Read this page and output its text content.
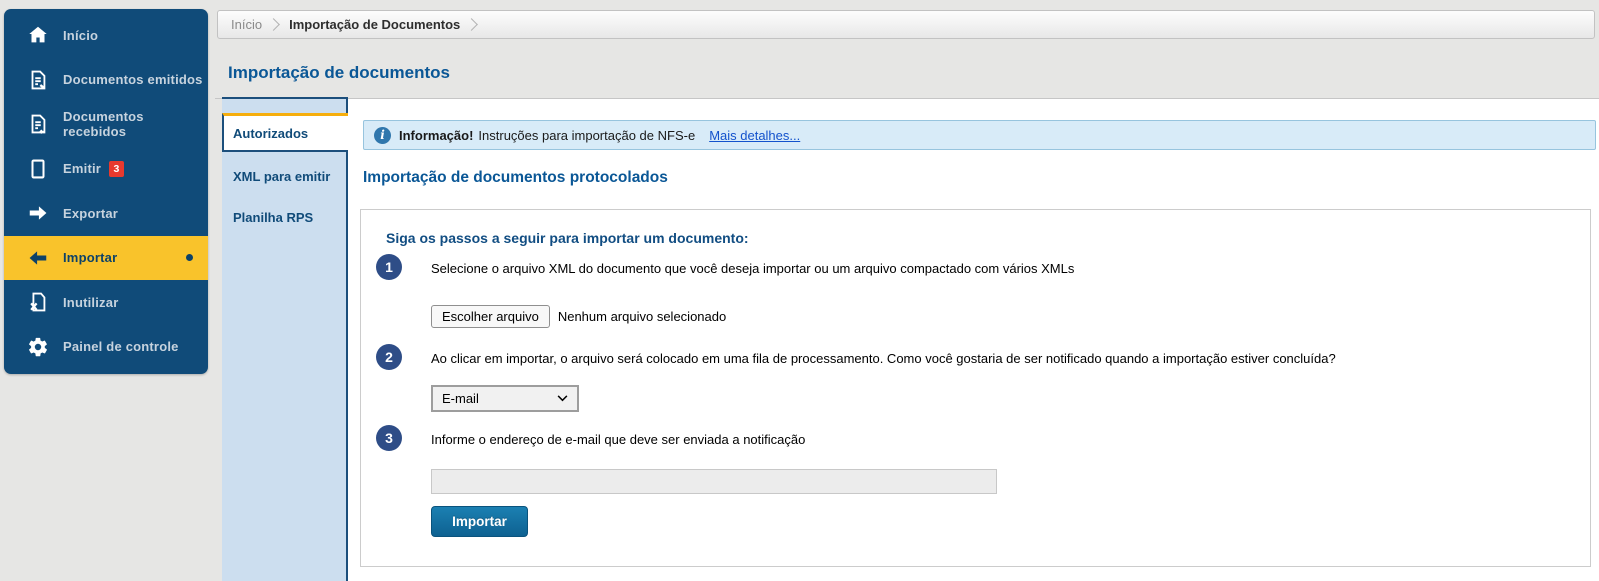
Início
Documentos emitidos
Documentos recebidos
Emitir	3
Exportar
Importar
Inutilizar
Painel de controle
Início Importação de Documentos
Importação de documentos
Autorizados
XML para emitir
Planilha RPS
i	Informação! Instruções para importação de NFS-e Mais detalhes...
Importação de documentos protocolados
Siga os passos a seguir para importar um documento:
1	Selecione o arquivo XML do documento que você deseja importar ou um arquivo compactado com vários XMLs
Escolher arquivo	Nenhum arquivo selecionado
2	Ao clicar em importar, o arquivo será colocado em uma fila de processamento. Como você gostaria de ser notificado quando a importação estiver concluída?
E-mail
3	Informe o endereço de e-mail que deve ser enviada a notificação
Importar
